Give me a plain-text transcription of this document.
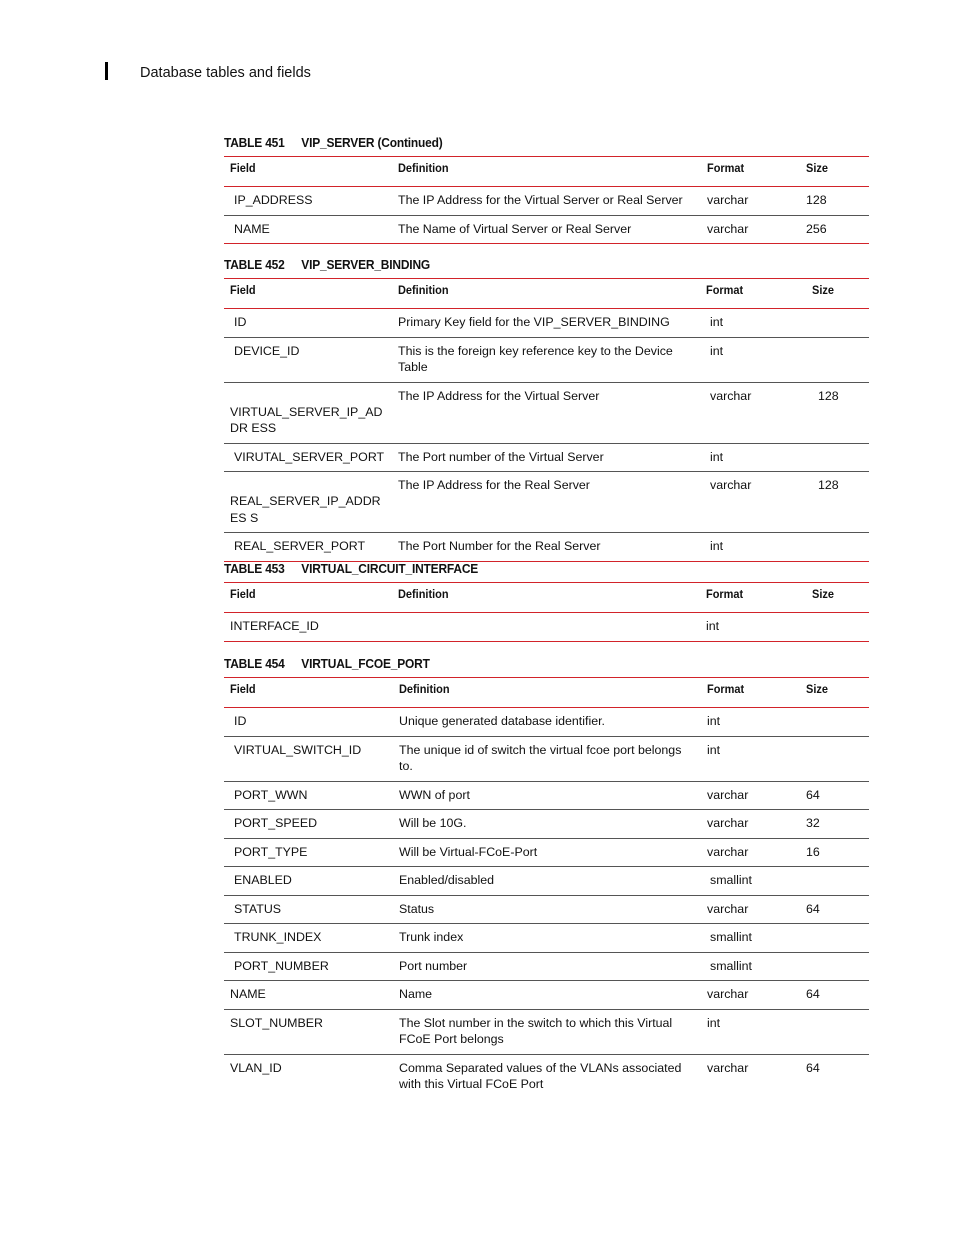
Database tables and fields
TABLE 451 VIP_SERVER (Continued)
Field	Definition	Format	Size
IP_ADDRESS	The IP Address for the Virtual Server or Real Server	varchar	128
NAME	The Name of Virtual Server or Real Server	varchar	256
TABLE 452 VIP_SERVER_BINDING
Field	Definition	Format	Size
ID	Primary Key field for the VIP_SERVER_BINDING	int	
DEVICE_ID	This is the foreign key reference key to the Device Table	int	
VIRTUAL_SERVER_IP_ADDR ESS	The IP Address for the Virtual Server	varchar	128
VIRUTAL_SERVER_PORT	The Port number of the Virtual Server	int	
REAL_SERVER_IP_ADDRES S	The IP Address for the Real Server	varchar	128
REAL_SERVER_PORT	The Port Number for the Real Server	int	
TABLE 453 VIRTUAL_CIRCUIT_INTERFACE
Field	Definition	Format	Size
INTERFACE_ID		int	
TABLE 454 VIRTUAL_FCOE_PORT
Field	Definition	Format	Size
ID	Unique generated database identifier.	int	
VIRTUAL_SWITCH_ID	The unique id of switch the virtual fcoe port belongs to.	int	
PORT_WWN	WWN of port	varchar	64
PORT_SPEED	Will be 10G.	varchar	32
PORT_TYPE	Will be Virtual-FCoE-Port	varchar	16
ENABLED	Enabled/disabled	smallint	
STATUS	Status	varchar	64
TRUNK_INDEX	Trunk index	smallint	
PORT_NUMBER	Port number	smallint	
NAME	Name	varchar	64
SLOT_NUMBER	The Slot number in the switch to which this Virtual FCoE Port belongs	int	
VLAN_ID	Comma Separated values of the VLANs associated with this Virtual FCoE Port	varchar	64
